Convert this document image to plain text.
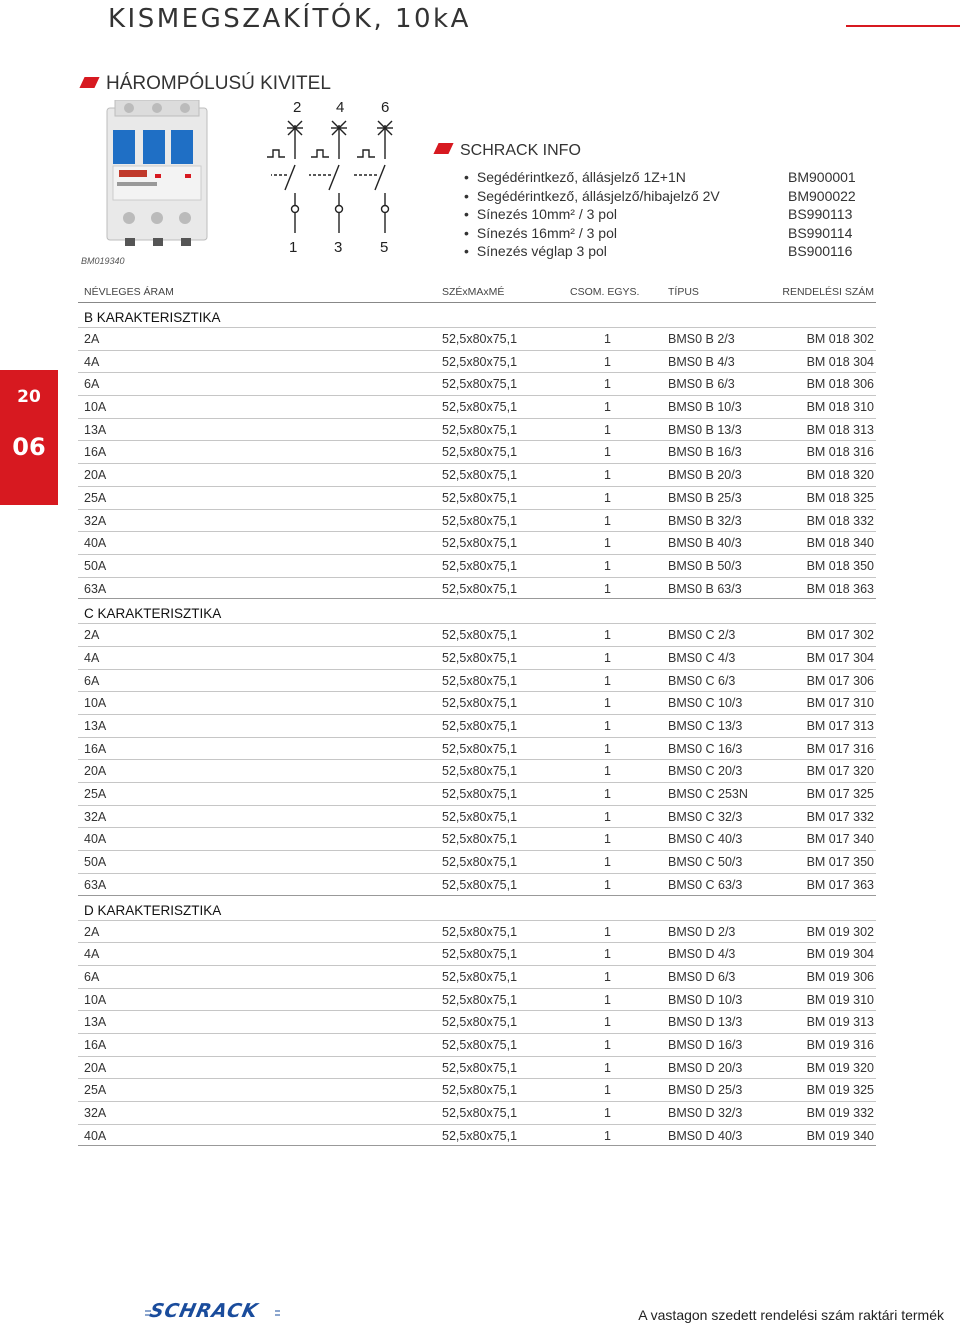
KISMEGSZAKÍTÓK, 10kA
HÁROMPÓLUSÚ KIVITEL
BM019340
2 4 6
1 3	5
SCHRACK INFO
• Segédérintkező, állásjelző 1Z+1N	BM900001
• Segédérintkező, állásjelző/hibajelző 2V	BM900022
• Sínezés 10mm² / 3 pol	BS990113
• Sínezés 16mm² / 3 pol	BS990114
• Sínezés véglap 3 pol	BS900116
20
06
NÉVLEGES ÁRAM	SZÉxMAxMÉ	CSOM. EGYS.	TÍPUS	RENDELÉSI SZÁM
B KARAKTERISZTIKA
2A	52,5x80x75,1	1	BMS0 B 2/3	BM 018 302
4A	52,5x80x75,1	1	BMS0 B 4/3	BM 018 304
6A	52,5x80x75,1	1	BMS0 B 6/3	BM 018 306
10A	52,5x80x75,1	1	BMS0 B 10/3	BM 018 310
13A	52,5x80x75,1	1	BMS0 B 13/3	BM 018 313
16A	52,5x80x75,1	1	BMS0 B 16/3	BM 018 316
20A	52,5x80x75,1	1	BMS0 B 20/3	BM 018 320
25A	52,5x80x75,1	1	BMS0 B 25/3	BM 018 325
32A	52,5x80x75,1	1	BMS0 B 32/3	BM 018 332
40A	52,5x80x75,1	1	BMS0 B 40/3	BM 018 340
50A	52,5x80x75,1	1	BMS0 B 50/3	BM 018 350
63A	52,5x80x75,1	1	BMS0 B 63/3	BM 018 363
C KARAKTERISZTIKA
2A	52,5x80x75,1	1	BMS0 C 2/3	BM 017 302
4A	52,5x80x75,1	1	BMS0 C 4/3	BM 017 304
6A	52,5x80x75,1	1	BMS0 C 6/3	BM 017 306
10A	52,5x80x75,1	1	BMS0 C 10/3	BM 017 310
13A	52,5x80x75,1	1	BMS0 C 13/3	BM 017 313
16A	52,5x80x75,1	1	BMS0 C 16/3	BM 017 316
20A	52,5x80x75,1	1	BMS0 C 20/3	BM 017 320
25A	52,5x80x75,1	1	BMS0 C 253N	BM 017 325
32A	52,5x80x75,1	1	BMS0 C 32/3	BM 017 332
40A	52,5x80x75,1	1	BMS0 C 40/3	BM 017 340
50A	52,5x80x75,1	1	BMS0 C 50/3	BM 017 350
63A	52,5x80x75,1	1	BMS0 C 63/3	BM 017 363
D KARAKTERISZTIKA
2A	52,5x80x75,1	1	BMS0 D 2/3	BM 019 302
4A	52,5x80x75,1	1	BMS0 D 4/3	BM 019 304
6A	52,5x80x75,1	1	BMS0 D 6/3	BM 019 306
10A	52,5x80x75,1	1	BMS0 D 10/3	BM 019 310
13A	52,5x80x75,1	1	BMS0 D 13/3	BM 019 313
16A	52,5x80x75,1	1	BMS0 D 16/3	BM 019 316
20A	52,5x80x75,1	1	BMS0 D 20/3	BM 019 320
25A	52,5x80x75,1	1	BMS0 D 25/3	BM 019 325
32A	52,5x80x75,1	1	BMS0 D 32/3	BM 019 332
40A	52,5x80x75,1	1	BMS0 D 40/3	BM 019 340
SCHRACK	A vastagon szedett rendelési szám raktári termék
